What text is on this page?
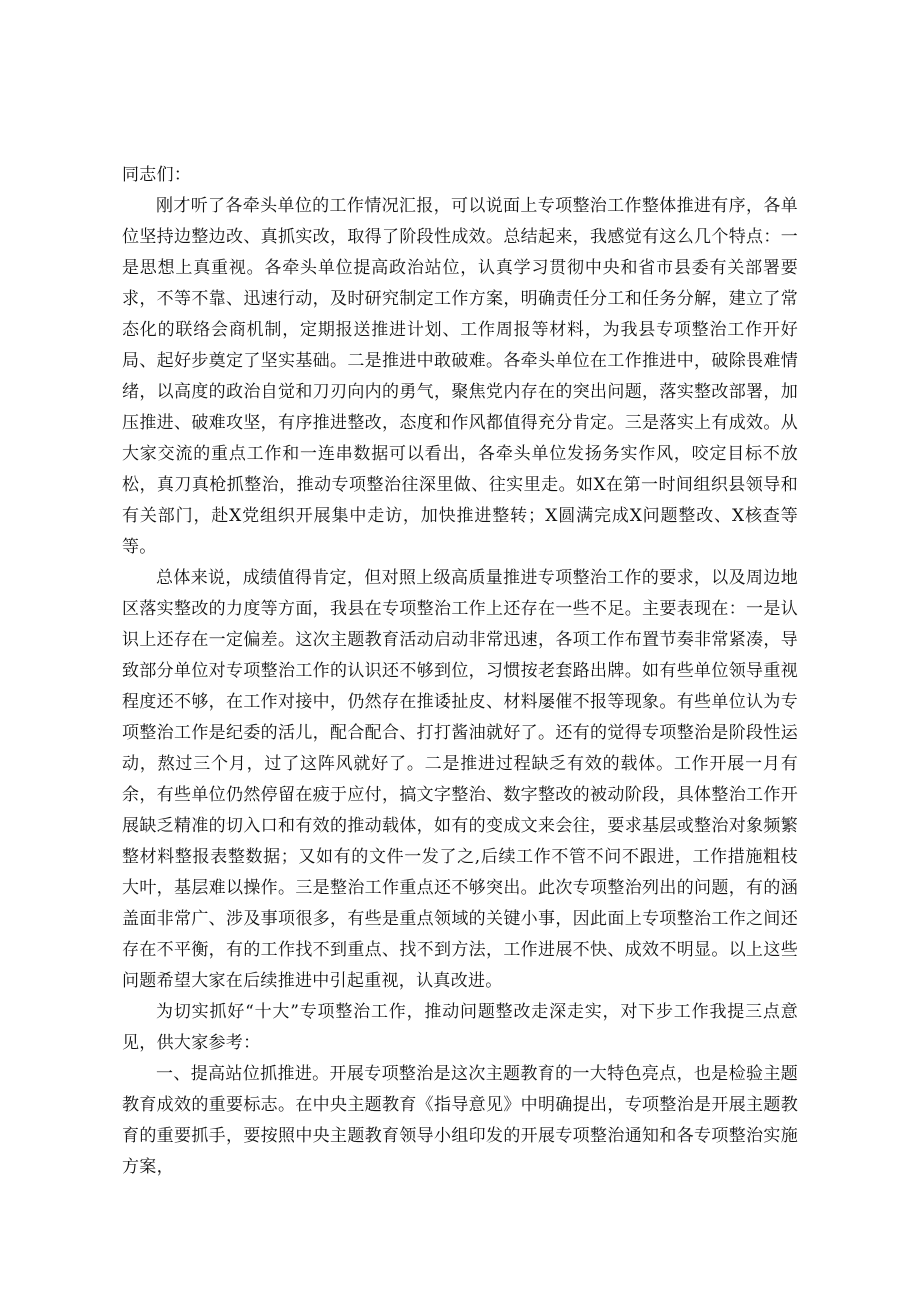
同志们：

刚才听了各牵头单位的工作情况汇报，可以说面上专项整治工作整体推进有序，各单位坚持边整边改、真抓实改，取得了阶段性成效。总结起来，我感觉有这么几个特点：一是思想上真重视。各牵头单位提高政治站位，认真学习贯彻中央和省市县委有关部署要求，不等不靠、迅速行动，及时研究制定工作方案，明确责任分工和任务分解，建立了常态化的联络会商机制，定期报送推进计划、工作周报等材料，为我县专项整治工作开好局、起好步奠定了坚实基础。二是推进中敢破难。各牵头单位在工作推进中，破除畏难情绪，以高度的政治自觉和刀刃向内的勇气，聚焦党内存在的突出问题，落实整改部署，加压推进、破难攻坚，有序推进整改，态度和作风都值得充分肯定。三是落实上有成效。从大家交流的重点工作和一连串数据可以看出，各牵头单位发扬务实作风，咬定目标不放松，真刀真枪抓整治，推动专项整治往深里做、往实里走。如X在第一时间组织县领导和有关部门，赴X党组织开展集中走访，加快推进整转；X圆满完成X问题整改、X核查等等。

总体来说，成绩值得肯定，但对照上级高质量推进专项整治工作的要求，以及周边地区落实整改的力度等方面，我县在专项整治工作上还存在一些不足。主要表现在：一是认识上还存在一定偏差。这次主题教育活动启动非常迅速，各项工作布置节奏非常紧凑，导致部分单位对专项整治工作的认识还不够到位，习惯按老套路出牌。如有些单位领导重视程度还不够，在工作对接中，仍然存在推诿扯皮、材料屡催不报等现象。有些单位认为专项整治工作是纪委的活儿，配合配合、打打酱油就好了。还有的觉得专项整治是阶段性运动，熬过三个月，过了这阵风就好了。二是推进过程缺乏有效的载体。工作开展一月有余，有些单位仍然停留在疲于应付，搞文字整治、数字整改的被动阶段，具体整治工作开展缺乏精准的切入口和有效的推动载体，如有的变成文来会往，要求基层或整治对象频繁整材料整报表整数据；又如有的文件一发了之,后续工作不管不问不跟进，工作措施粗枝大叶，基层难以操作。三是整治工作重点还不够突出。此次专项整治列出的问题，有的涵盖面非常广、涉及事项很多，有些是重点领域的关键小事，因此面上专项整治工作之间还存在不平衡，有的工作找不到重点、找不到方法，工作进展不快、成效不明显。以上这些问题希望大家在后续推进中引起重视，认真改进。

为切实抓好“十大”专项整治工作，推动问题整改走深走实，对下步工作我提三点意见，供大家参考：

一、提高站位抓推进。开展专项整治是这次主题教育的一大特色亮点，也是检验主题教育成效的重要标志。在中央主题教育《指导意见》中明确提出，专项整治是开展主题教育的重要抓手，要按照中央主题教育领导小组印发的开展专项整治通知和各专项整治实施方案，
